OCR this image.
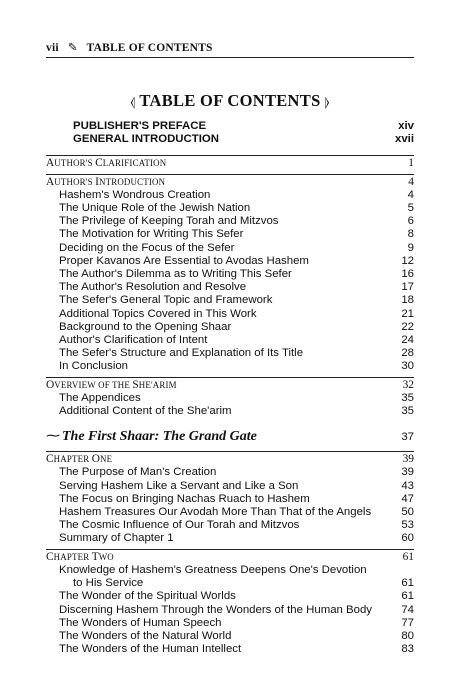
vii ✎ TABLE OF CONTENTS
⦉ TABLE OF CONTENTS ⦊
PUBLISHER'S PREFACE	xiv
GENERAL INTRODUCTION	xvii
AUTHOR'S CLARIFICATION	1
AUTHOR'S INTRODUCTION	4
Hashem's Wondrous Creation	4
The Unique Role of the Jewish Nation	5
The Privilege of Keeping Torah and Mitzvos	6
The Motivation for Writing This Sefer	8
Deciding on the Focus of the Sefer	9
Proper Kavanos Are Essential to Avodas Hashem	12
The Author's Dilemma as to Writing This Sefer	16
The Author's Resolution and Resolve	17
The Sefer's General Topic and Framework	18
Additional Topics Covered in This Work	21
Background to the Opening Shaar	22
Author's Clarification of Intent	24
The Sefer's Structure and Explanation of Its Title	28
In Conclusion	30
OVERVIEW OF THE SHE'ARIM	32
The Appendices	35
Additional Content of the She'arim	35
⁓ The First Shaar: The Grand Gate	37
CHAPTER ONE	39
The Purpose of Man's Creation	39
Serving Hashem Like a Servant and Like a Son	43
The Focus on Bringing Nachas Ruach to Hashem	47
Hashem Treasures Our Avodah More Than That of the Angels	50
The Cosmic Influence of Our Torah and Mitzvos	53
Summary of Chapter 1	60
CHAPTER TWO	61
Knowledge of Hashem's Greatness Deepens One's Devotion
to His Service	61
The Wonder of the Spiritual Worlds	61
Discerning Hashem Through the Wonders of the Human Body	74
The Wonders of Human Speech	77
The Wonders of the Natural World	80
The Wonders of the Human Intellect	83
